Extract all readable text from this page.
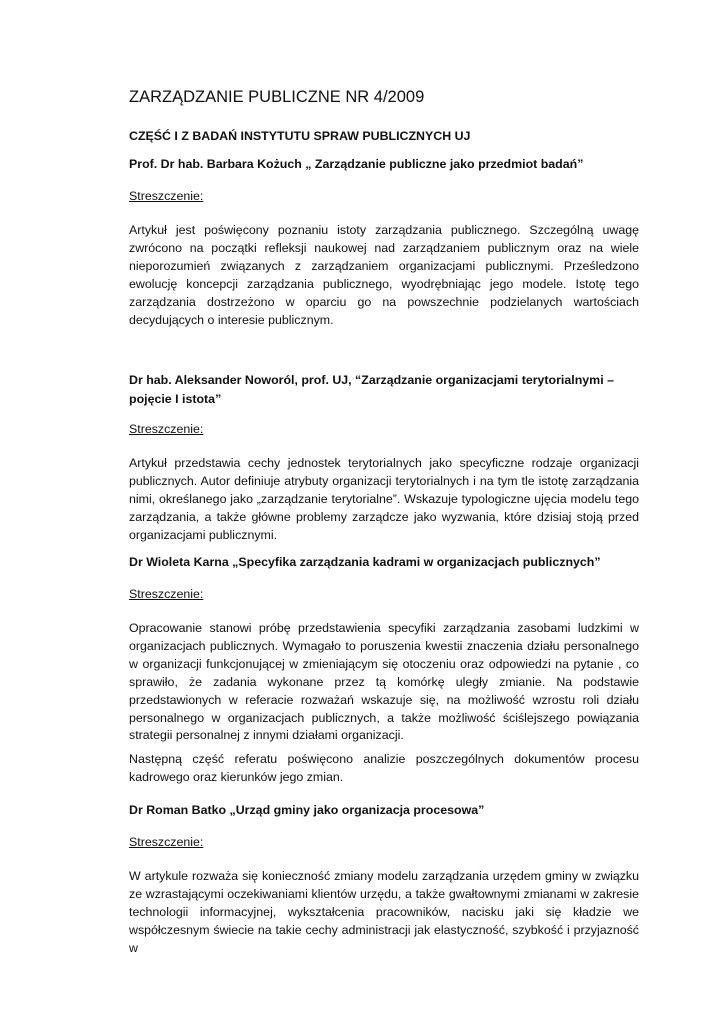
ZARZĄDZANIE PUBLICZNE NR 4/2009

CZĘŚĆ I Z BADAŃ INSTYTUTU SPRAW PUBLICZNYCH UJ

Prof. Dr hab. Barbara Kożuch „ Zarządzanie publiczne jako przedmiot badań”

Streszczenie:

Artykuł jest poświęcony poznaniu istoty zarządzania publicznego. Szczególną uwagę zwrócono na początki refleksji naukowej nad zarządzaniem publicznym oraz na wiele nieporozumień związanych z zarządzaniem organizacjami publicznymi. Prześledzono ewolucję koncepcji zarządzania publicznego, wyodrębniając jego modele. Istotę tego zarządzania dostrzeżono w oparciu go na powszechnie podzielanych wartościach decydujących o interesie publicznym.

Dr hab. Aleksander Noworól, prof. UJ, “Zarządzanie organizacjami terytorialnymi – pojęcie I istota”

Streszczenie:

Artykuł przedstawia cechy jednostek terytorialnych jako specyficzne rodzaje organizacji publicznych. Autor definiuje atrybuty organizacji terytorialnych i na tym tle istotę zarządzania nimi, określanego jako „zarządzanie terytorialne”. Wskazuje typologiczne ujęcia modelu tego zarządzania, a także główne problemy zarządcze jako wyzwania, które dzisiaj stoją przed organizacjami publicznymi.

Dr Wioleta Karna „Specyfika zarządzania kadrami w organizacjach publicznych”

Streszczenie:

Opracowanie stanowi próbę przedstawienia specyfiki zarządzania zasobami ludzkimi w organizacjach publicznych. Wymagało to poruszenia kwestii znaczenia działu personalnego w organizacji funkcjonującej w zmieniającym się otoczeniu oraz odpowiedzi na pytanie , co sprawiło, że zadania wykonane przez tą komórkę uległy zmianie. Na podstawie przedstawionych w referacie rozważań wskazuje się, na możliwość wzrostu roli działu personalnego w organizacjach publicznych, a także możliwość ściślejszego powiązania strategii personalnej z innymi działami organizacji.

Następną część referatu poświęcono analizie poszczególnych dokumentów procesu kadrowego oraz kierunków jego zmian.

Dr Roman Batko „Urząd gminy jako organizacja procesowa”

Streszczenie:

W artykule rozważa się konieczność zmiany modelu zarządzania urzędem gminy w związku ze wzrastającymi oczekiwaniami klientów urzędu, a także gwałtownymi zmianami w zakresie technologii informacyjnej, wykształcenia pracowników, nacisku jaki się kładzie we współczesnym świecie na takie cechy administracji jak elastyczność, szybkość i przyjazność w
